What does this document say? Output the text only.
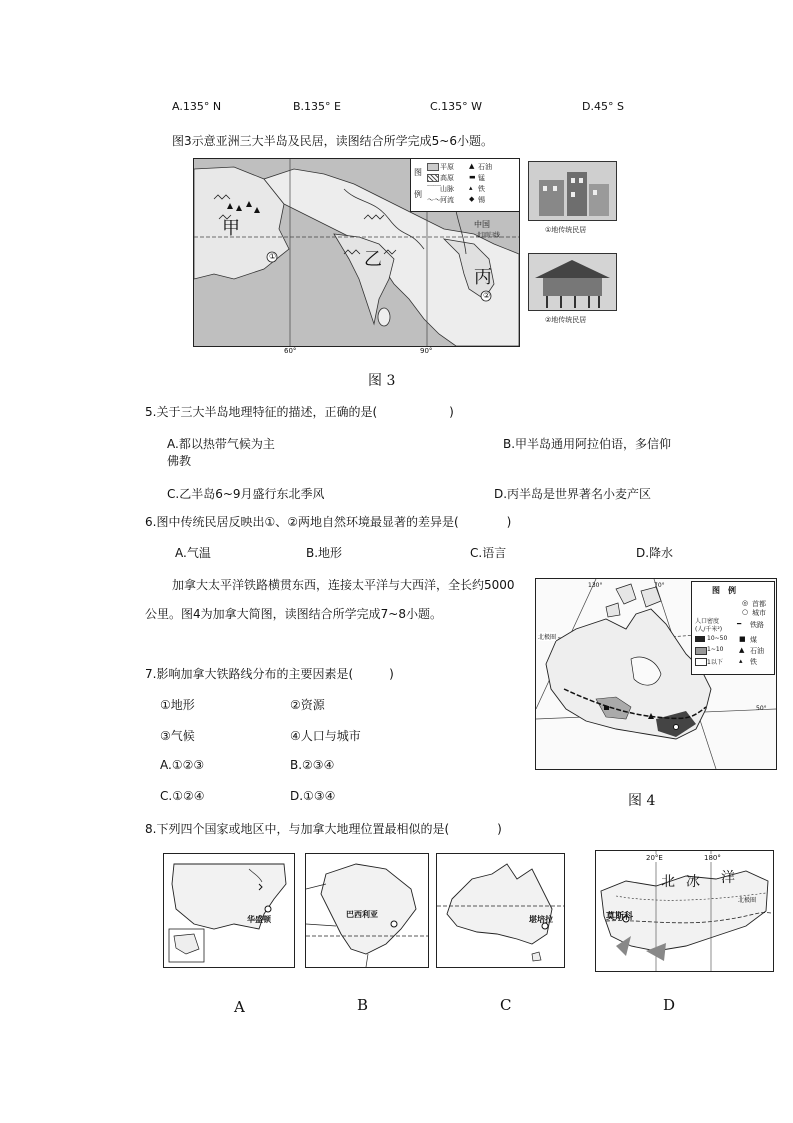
A.135° N	B.135° E	C.135° W	D.45° S
图3示意亚洲三大半岛及民居，读图结合所学完成5~6小题。
图
例
平原
高原
﹋﹋ 山脉
～～ 河流
▲ 石油
▬ 锰
▴ 铁
◆ 锡
甲
乙
丙
中国
北回归线
①
②
60°	90°
①地传统民居
②地传统民居
图 3
5.关于三大半岛地理特征的描述，正确的是(　　　　　　)
A.都以热带气候为主	B.甲半岛通用阿拉伯语，多信仰
佛教
C.乙半岛6~9月盛行东北季风	D.丙半岛是世界著名小麦产区
6.图中传统民居反映出①、②两地自然环境最显著的差异是(　　　　)
A.气温	B.地形	C.语言	D.降水
加拿大太平洋铁路横贯东西，连接太平洋与大西洋，全长约5000
公里。图4为加拿大简图，读图结合所学完成7~8小题。
图　例
◎ 首都
○ 城市
人口密度
(人/千米²)
━ 铁路
10~50
1~10
1以下
■ 煤
▲ 石油
▴ 铁
130°	70°
50°
北极圈
图 4
7.影响加拿大铁路线分布的主要因素是(　　　)
①地形	②资源
③气候	④人口与城市
A.①②③	B.②③④
C.①②④	D.①③④
8.下列四个国家或地区中，与加拿大地理位置最相似的是(　　　　)
华盛顿
巴西利亚
堪培拉
20°E	180°
北 冰 洋
莫斯科
北极圈
A	B	C	D
